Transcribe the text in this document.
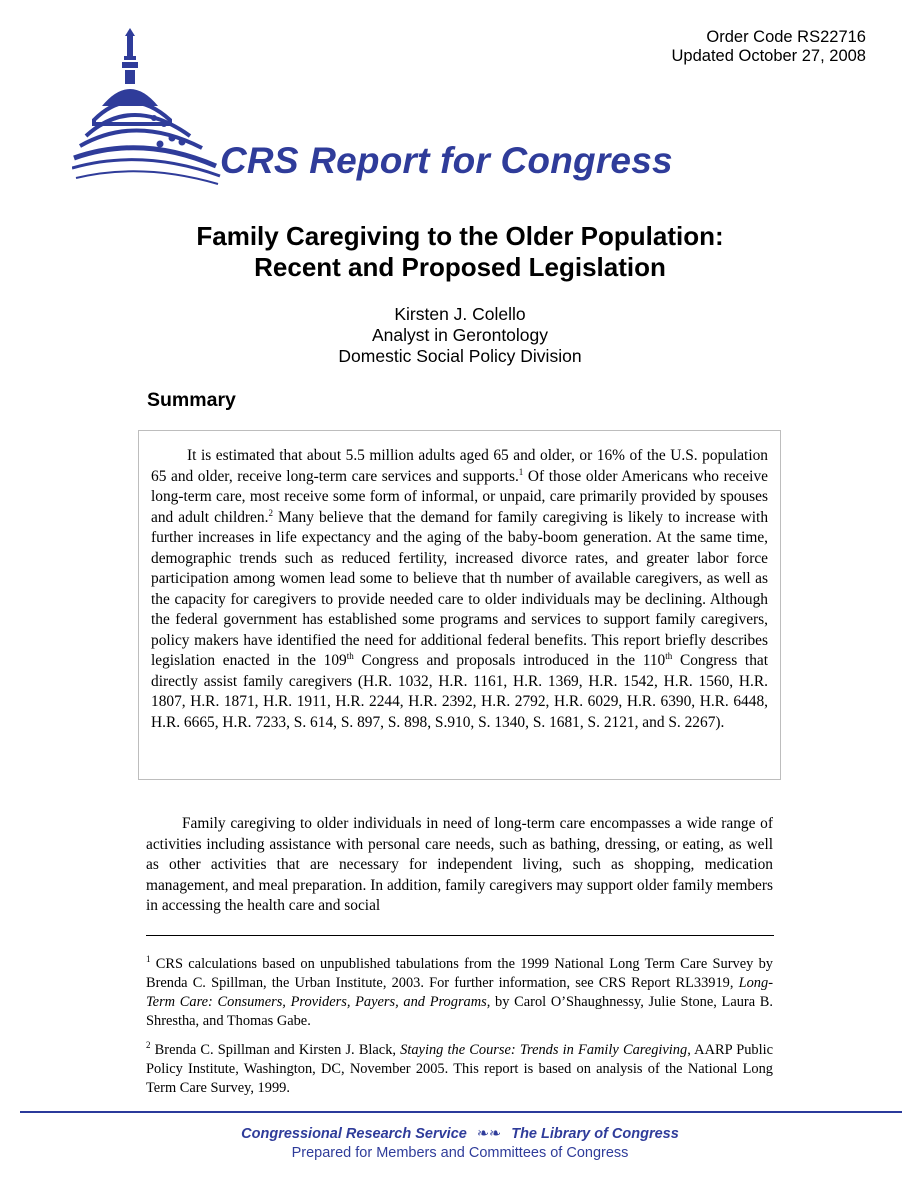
Order Code RS22716
Updated October 27, 2008
CRS Report for Congress
Family Caregiving to the Older Population:
Recent and Proposed Legislation
Kirsten J. Colello
Analyst in Gerontology
Domestic Social Policy Division
Summary

It is estimated that about 5.5 million adults aged 65 and older, or 16% of the U.S. population 65 and older, receive long-term care services and supports.$^1$ Of those older Americans who receive long-term care, most receive some form of informal, or unpaid, care primarily provided by spouses and adult children.$^2$ Many believe that the demand for family caregiving is likely to increase with further increases in life expectancy and the aging of the baby-boom generation. At the same time, demographic trends such as reduced fertility, increased divorce rates, and greater labor force participation among women lead some to believe that th number of available caregivers, as well as the capacity for caregivers to provide needed care to older individuals may be declining. Although the federal government has established some programs and services to support family caregivers, policy makers have identified the need for additional federal benefits. This report briefly describes legislation enacted in the 109th Congress and proposals introduced in the 110th Congress that directly assist family caregivers (H.R. 1032, H.R. 1161, H.R. 1369, H.R. 1542, H.R. 1560, H.R. 1807, H.R. 1871, H.R. 1911, H.R. 2244, H.R. 2392, H.R. 2792, H.R. 6029, H.R. 6390, H.R. 6448, H.R. 6665, H.R. 7233, S. 614, S. 897, S. 898, S.910, S. 1340, S. 1681, S. 2121, and S. 2267).

Family caregiving to older individuals in need of long-term care encompasses a wide range of activities including assistance with personal care needs, such as bathing, dressing, or eating, as well as other activities that are necessary for independent living, such as shopping, medication management, and meal preparation. In addition, family caregivers may support older family members in accessing the health care and social

$^1$ CRS calculations based on unpublished tabulations from the 1999 National Long Term Care Survey by Brenda C. Spillman, the Urban Institute, 2003. For further information, see CRS Report RL33919, Long-Term Care: Consumers, Providers, Payers, and Programs, by Carol O’Shaughnessy, Julie Stone, Laura B. Shrestha, and Thomas Gabe.

$^2$ Brenda C. Spillman and Kirsten J. Black, Staying the Course: Trends in Family Caregiving, AARP Public Policy Institute, Washington, DC, November 2005. This report is based on analysis of the National Long Term Care Survey, 1999.

Congressional Research Service ❧❧ The Library of Congress
Prepared for Members and Committees of Congress
